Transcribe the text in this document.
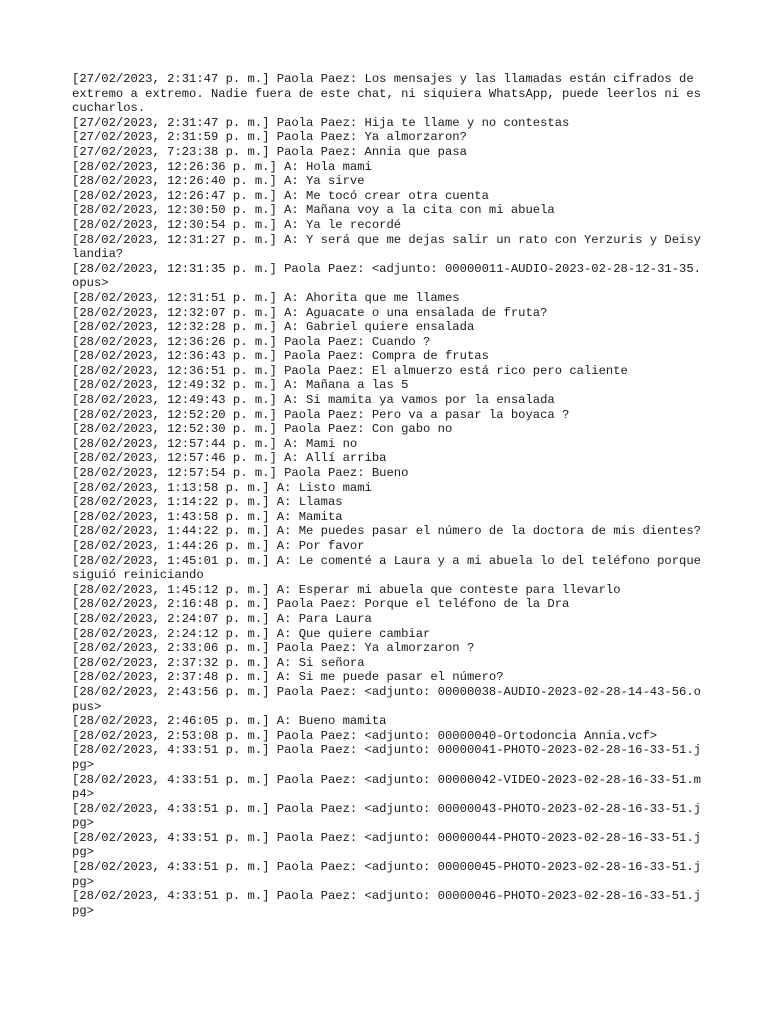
[27/02/2023, 2:31:47 p. m.] Paola Paez: Los mensajes y las llamadas están cifrados de extremo a extremo. Nadie fuera de este chat, ni siquiera WhatsApp, puede leerlos ni escucharlos.
[27/02/2023, 2:31:47 p. m.] Paola Paez: Hija te llame y no contestas
[27/02/2023, 2:31:59 p. m.] Paola Paez: Ya almorzaron?
[27/02/2023, 7:23:38 p. m.] Paola Paez: Annia que pasa
[28/02/2023, 12:26:36 p. m.] A: Hola mami
[28/02/2023, 12:26:40 p. m.] A: Ya sirve
[28/02/2023, 12:26:47 p. m.] A: Me tocó crear otra cuenta
[28/02/2023, 12:30:50 p. m.] A: Mañana voy a la cita con mi abuela
[28/02/2023, 12:30:54 p. m.] A: Ya le recordé
[28/02/2023, 12:31:27 p. m.] A: Y será que me dejas salir un rato con Yerzuris y Deisylandia?
[28/02/2023, 12:31:35 p. m.] Paola Paez: <adjunto: 00000011-AUDIO-2023-02-28-12-31-35.opus>
[28/02/2023, 12:31:51 p. m.] A: Ahorita que me llames
[28/02/2023, 12:32:07 p. m.] A: Aguacate o una ensalada de fruta?
[28/02/2023, 12:32:28 p. m.] A: Gabriel quiere ensalada
[28/02/2023, 12:36:26 p. m.] Paola Paez: Cuando ?
[28/02/2023, 12:36:43 p. m.] Paola Paez: Compra de frutas
[28/02/2023, 12:36:51 p. m.] Paola Paez: El almuerzo está rico pero caliente
[28/02/2023, 12:49:32 p. m.] A: Mañana a las 5
[28/02/2023, 12:49:43 p. m.] A: Si mamita ya vamos por la ensalada
[28/02/2023, 12:52:20 p. m.] Paola Paez: Pero va a pasar la boyaca ?
[28/02/2023, 12:52:30 p. m.] Paola Paez: Con gabo no
[28/02/2023, 12:57:44 p. m.] A: Mami no
[28/02/2023, 12:57:46 p. m.] A: Allí arriba
[28/02/2023, 12:57:54 p. m.] Paola Paez: Bueno
[28/02/2023, 1:13:58 p. m.] A: Listo mami
[28/02/2023, 1:14:22 p. m.] A: Llamas
[28/02/2023, 1:43:58 p. m.] A: Mamita
[28/02/2023, 1:44:22 p. m.] A: Me puedes pasar el número de la doctora de mis dientes?
[28/02/2023, 1:44:26 p. m.] A: Por favor
[28/02/2023, 1:45:01 p. m.] A: Le comenté a Laura y a mi abuela lo del teléfono porque siguió reiniciando
[28/02/2023, 1:45:12 p. m.] A: Esperar mi abuela que conteste para llevarlo
[28/02/2023, 2:16:48 p. m.] Paola Paez: Porque el teléfono de la Dra
[28/02/2023, 2:24:07 p. m.] A: Para Laura
[28/02/2023, 2:24:12 p. m.] A: Que quiere cambiar
[28/02/2023, 2:33:06 p. m.] Paola Paez: Ya almorzaron ?
[28/02/2023, 2:37:32 p. m.] A: Si señora
[28/02/2023, 2:37:48 p. m.] A: Si me puede pasar el número?
[28/02/2023, 2:43:56 p. m.] Paola Paez: <adjunto: 00000038-AUDIO-2023-02-28-14-43-56.opus>
[28/02/2023, 2:46:05 p. m.] A: Bueno mamita
[28/02/2023, 2:53:08 p. m.] Paola Paez: <adjunto: 00000040-Ortodoncia Annia.vcf>
[28/02/2023, 4:33:51 p. m.] Paola Paez: <adjunto: 00000041-PHOTO-2023-02-28-16-33-51.jpg>
[28/02/2023, 4:33:51 p. m.] Paola Paez: <adjunto: 00000042-VIDEO-2023-02-28-16-33-51.mp4>
[28/02/2023, 4:33:51 p. m.] Paola Paez: <adjunto: 00000043-PHOTO-2023-02-28-16-33-51.jpg>
[28/02/2023, 4:33:51 p. m.] Paola Paez: <adjunto: 00000044-PHOTO-2023-02-28-16-33-51.jpg>
[28/02/2023, 4:33:51 p. m.] Paola Paez: <adjunto: 00000045-PHOTO-2023-02-28-16-33-51.jpg>
[28/02/2023, 4:33:51 p. m.] Paola Paez: <adjunto: 00000046-PHOTO-2023-02-28-16-33-51.jpg>
